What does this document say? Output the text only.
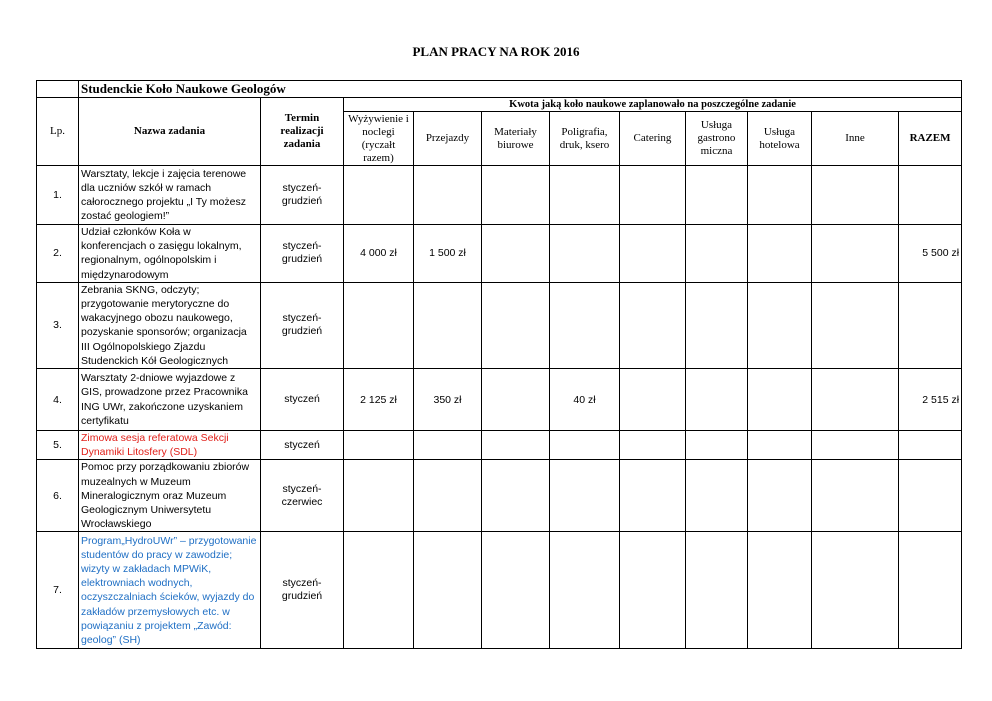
PLAN PRACY NA ROK 2016
	Studenckie Koło Naukowe Geologów										
Lp.	Nazwa zadania	Termin realizacji zadania	Kwota jaką koło naukowe zaplanowało na poszczególne zadanie								
			Wyżywienie i noclegi (ryczałt razem)	Przejazdy	Materiały biurowe	Poligrafia, druk, ksero	Catering	Usługa gastrono miczna	Usługa hotelowa	Inne	RAZEM
1.	Warsztaty, lekcje i zajęcia terenowe dla uczniów szkół w ramach całorocznego projektu „I Ty możesz zostać geologiem!”	styczeń-grudzień									
2.	Udział członków Koła w konferencjach o zasięgu lokalnym, regionalnym, ogólnopolskim i międzynarodowym	styczeń-grudzień	4 000 zł	1 500 zł							5 500 zł
3.	Zebrania SKNG, odczyty; przygotowanie merytoryczne do wakacyjnego obozu naukowego, pozyskanie sponsorów; organizacja III Ogólnopolskiego Zjazdu Studenckich Kół Geologicznych	styczeń-grudzień									
4.	Warsztaty 2-dniowe wyjazdowe z GIS, prowadzone przez Pracownika ING UWr, zakończone uzyskaniem certyfikatu	styczeń	2 125 zł	350 zł		40 zł					2 515 zł
5.	Zimowa sesja referatowa Sekcji Dynamiki Litosfery (SDL)	styczeń									
6.	Pomoc przy porządkowaniu zbiorów muzealnych w Muzeum Mineralogicznym oraz Muzeum Geologicznym Uniwersytetu Wrocławskiego	styczeń-czerwiec									
7.	Program„HydroUWr” – przygotowanie studentów do pracy w zawodzie; wizyty w zakładach MPWiK, elektrowniach wodnych, oczyszczalniach ścieków, wyjazdy do zakładów przemysłowych etc. w powiązaniu z projektem „Zawód: geolog” (SH)	styczeń-grudzień									
